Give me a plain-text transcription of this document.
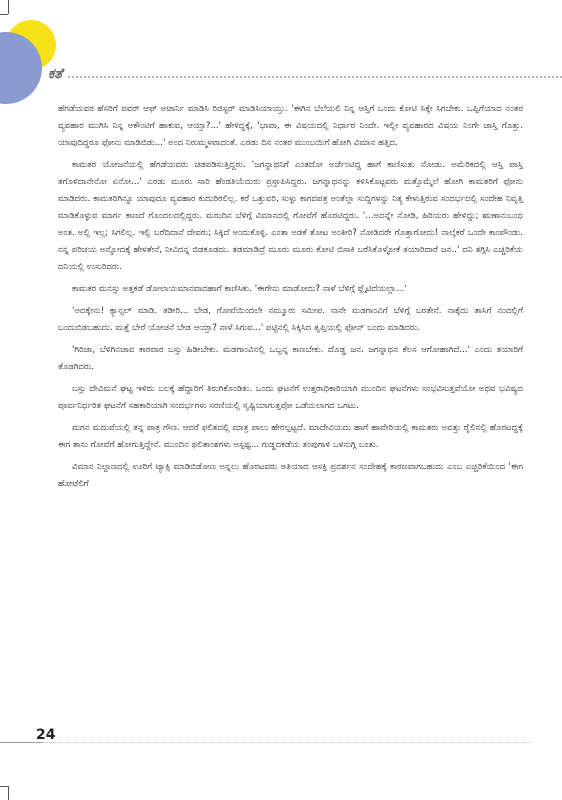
ಕತೆ

ಹೆಗಡೆಯವರ ಹೆಸರಿಗೆ ಪವರ್ ಆಫ್ ಅಟಾರ್ನಿ ಮಾಡಿಸಿ ರಿಜಿಸ್ಟರ್ ಮಾಡಿಸಿಯಾಯ್ತು. 'ಈಗಿನ ಬೆಲೆಯಲಿ ನಿನ್ನ ಆಸ್ತಿಗೆ ಒಂದು ಕೋಟಿ ಸಿಕ್ಕೇ ಸಿಗಬೇಕು. ಒಪ್ಪಿಗೆಯಾದ ನಂತರ ವ್ಯವಹಾರ ಮುಗಿಸಿ ನಿನ್ನ ಅಕೌಂಟಿಗೆ ಹಾಕುವ, ಆಯ್ತಾ?...' ಹೇಳಿದ್ದಕ್ಕೆ, 'ಭಾವಾ, ಈ ವಿಷಯದಲ್ಲಿ ನಿರ್ಧಾರ ನಿಂದೇ. ಇಲ್ಲೀ ವ್ಯವಹಾರದ ವಿಷಯ ನಿಂಗೇ ಜಾಸ್ತಿ ಗೊತ್ತು. ಯಾವುದಿದ್ದರೂ ಫೋನು ಮಾಡಿಬಿಡು...' ಅಂದ ನಿರುಮ್ಮಳವಾದಂತೆ. ಎರಡು ದಿನ ನಂತರ ಮುಂಬಯಿಗೆ ಹೋಗಿ ವಿಮಾನ ಹತ್ತಿದ.

ಕಾಮತರ ಯೋಜನೆಯಲ್ಲಿ ಹೆಗಡೆಯವರು ಚಡಪಡಿಸುತ್ತಿದ್ದರು. 'ಜಗನ್ನಾಥನಿಗೆ ಎಂತದೋ ಅರ್ಜೆಂಟಿದ್ದ ಹಾಗೆ ಕಾಣಿಸುತು ನೋಡು. ಅಮೆರಿಕದಲ್ಲಿ ಆಸ್ತಿ ಪಾಸ್ತಿ ತಗೊಳಿದಾನೇನೋ ಏನೋ...' ಎರಡು ಮೂರು ಸಾರಿ ಹೆಂಡತಿಯೆದುರು ಪ್ರಸ್ತಾಪಿಸಿದ್ದರು. ಜಗನ್ನಾಥನನ್ನು ಕಳಿಸಿಕೊಟ್ಟವರು ಮತ್ತೊಮ್ಮೆಲೆ ಹೋಗಿ ಕಾಮತರಿಗೆ ಫೋನು ಮಾಡಿದರು. ಕಾಮತರಿಗಿನ್ನೂ ಯಾವುದೂ ವ್ಯವಹಾರ ಕುದುರಿರಲಿಲ್ಲ. ಕರೆ ಒತ್ತುವರಿ, ಸುಳ್ಳು ಕಾಗದಪತ್ರ ಅಂತೆಲ್ಲಾ ಸುದ್ದಿಗಳನ್ನು ನಿತ್ಯ ಕೇಳುತ್ತಿರುವ ಸಂದರ್ಭದಲ್ಲಿ ಸಂದೇಹ ನಿವೃತ್ತಿ ಮಾಡಿಕೊಳ್ಳುವ ಮಾರ್ಗ ಕಾಣದೆ ಗೊಂದಲದಲ್ಲಿದ್ದರು. ಮರುದಿನ ಬೆಳಿಗ್ಗೆ ವಿಮಾನದಲ್ಲಿ ಗೋವೆಗೆ ಹೊರಟಿದ್ದರು. '...ಅದನ್ನೇ ನೋಡಿ, ಹಿರಿಯರು ಹೇಳಿದ್ದು; ಋಣಾನುಬಂಧ ಅಂತ. ಅಲ್ಲಿ ಇಲ್ಲ; ಸಿಗಲಿಲ್ಲ. ಇಲ್ಲಿ ಬರೆದಿದಾನೆ ದೇವರು; ಸಿಕ್ಕಿದೆ ಅಂದುಕೊಳ್ಳಿ. ಎಂತಾ ಅಡಕೆ ತೋಟ ಅಂತೀರಿ? ನೋಡಿದರೇ ಗೊತ್ತಾಗೋದು! ನಾಲ್ಕೆಕರೆ ಒಂದೇ ಕಾಂಪೌಂಡು. ನನ್ನ ಪರಿಚಯ ಅನ್ನೋದಕ್ಕೆ ಹೇಳತೇನೆ, ನೀವಿದನ್ನ ಬಿಡಕೂಡದು. ತಡಮಾಡಿದ್ರೆ ಮೂರು ಮೂರು ಕೋಟಿ ಬಿಸಾಕಿ ಬರೆಸಿಕೊಳ್ಳೋಕೆ ತಯಾರಿದಾರೆ ಜನ..' ದನಿ ತಗ್ಗಿಸಿ ಎಚ್ಚರಿಕೆಯ ದನಿಯಲ್ಲಿ ಉಸುರಿದರು.

ಕಾಮತರ ಮನಸ್ಸು ಅತ್ತಕಡೆ ಡೋಲಾಯಮಾನವಾದಹಾಗೆ ಕಾಣಿಸಿತು. 'ಈಗೇನು ಮಾಡೋದು? ನಾಳೆ ಬೆಳಿಗ್ಗೆ ಫ್ಲೈಟಿದೆಯಲ್ಲಾ...'

'ಅದಕ್ಕೇನು! ಕ್ಯಾನ್ಸಲ್ ಮಾಡಿ. ತಡೀರಿ... ಬೇಡ, ಗೋವೆಯಿಂದಲೇ ನಮ್ಮೂರು ಸಮೀಪ. ನಾನೇ ಮಡಗಾಂವಿಗೆ ಬೆಳಿಗ್ಗೆ ಬರತೇನೆ. ನಾಕ್ಕೆದು ತಾಸಿಗೆ ನಂದಲ್ಲಿಗೆ ಬಂದುಬಿಡಬಹುದು. ಮತ್ತೆ ಬೇರೆ ಯೋಚನೆ ಬೇಡ ಆಯ್ತಾ? ನಾಳೆ ಸಿಗುವ...' ಪಟ್ಟಿನಲ್ಲಿ ಸಿಕ್ಕಿಸಿದ ತೃಪ್ತಿಯಲ್ಲಿ ಫೋನ್ ಬಂದು ಮಾಡಿದರು.

'ಗಿರಿಜಾ, ಬೆಳಿಗಿನಜಾವ ಕಾರವಾರ ಬಸ್ಸು ಹಿಡೀಬೇಕು. ಮಡಗಾಂವಿನಲ್ಲಿ ಒಬ್ಬನ್ನ ಕಾಣಬೇಕು. ದೊಡ್ಡ ಜನ. ಜಗನ್ನಾಥನ ಕೆಲಸ ಆಗೋಹಾಗಿದೆ...' ಎಂದು ತಯಾರಿಗೆ ತೊಡಗಿದರು.

ಬಸ್ಸು ದೇವಿಮನೆ ಘಟ್ಟ ಇಳಿದು ಬಲಕ್ಕೆ ಹೆದ್ದಾರಿಗೆ ತಿರುಗಿಕೊಂಡಿತು. ಒಂದು ಘಟನೆಗೆ ಉತ್ತರಾಧಿಕಾರಿಯಾಗಿ ಮುಂದಿನ ಘಟನೆಗಳು ಸಂಭವಿಸುತ್ತವೆಯೋ ಅಥವ ಭವಿಷ್ಯದ ಪೂರ್ವನಿರ್ಧರಿತ ಘಟನೆಗೆ ಸಹಕಾರಿಯಾಗಿ ಸಂದರ್ಭಗಳು ಸರಣಿಯಲ್ಲಿ ಸೃಷ್ಟಿಯಾಗುತ್ತವೋ ಒಡೆಯಲಾಗದ ಒಗಟು.

ಮಗನ ಮದುವೆಯಲ್ಲಿ ತನ್ನ ಪಾತ್ರ ಗೌಣ. ಆದರೆ ಫಲಿತದಲ್ಲಿ ಮಾತ್ರ ಪಾಲು ಹೇರಲ್ಪಟ್ಟದೆ. ಮಾದೇವಿಯದು ಹಾಗೆ ಹಾವೇರಿಯಲ್ಲಿ ಕಾಮತರು ಅವತ್ತು ರೈಲಿನಲ್ಲಿ ಹೊರಟದ್ದಕ್ಕೆ ಈಗ ತಾನು ಗೋವೆಗೆ ಹೋಗುತ್ತಿದ್ದೇನೆ. ಮುಂದಿನ ಫಲಿತಾಂಶಗಳು ಅಸ್ಪಷ್ಟ... ಗುಡ್ಡದಕಡೆಯ ತಂಪುಗಾಳಿ ಒಳನುಗ್ಗಿ ಬಂತು.

ವಿಮಾನ ನಿಲ್ದಾಣದಲ್ಲಿ ಊರಿಗೆ ಟ್ಯಾಕ್ಸಿ ಮಾಡಿಬಿಡೋಣ ಅನ್ನಲು ಹೊರಟವರು ಅತಿಯಾದ ಆಸಕ್ತಿ ಪ್ರದರ್ಶನ ಸಂದೇಹಕ್ಕೆ ಕಾರಣವಾಗಬಹುದು ಎಂಬ ಎಚ್ಚರಿಕೆಯಿಂದ 'ಈಗ ಹೋಟೆಲಿಗೆ

24
